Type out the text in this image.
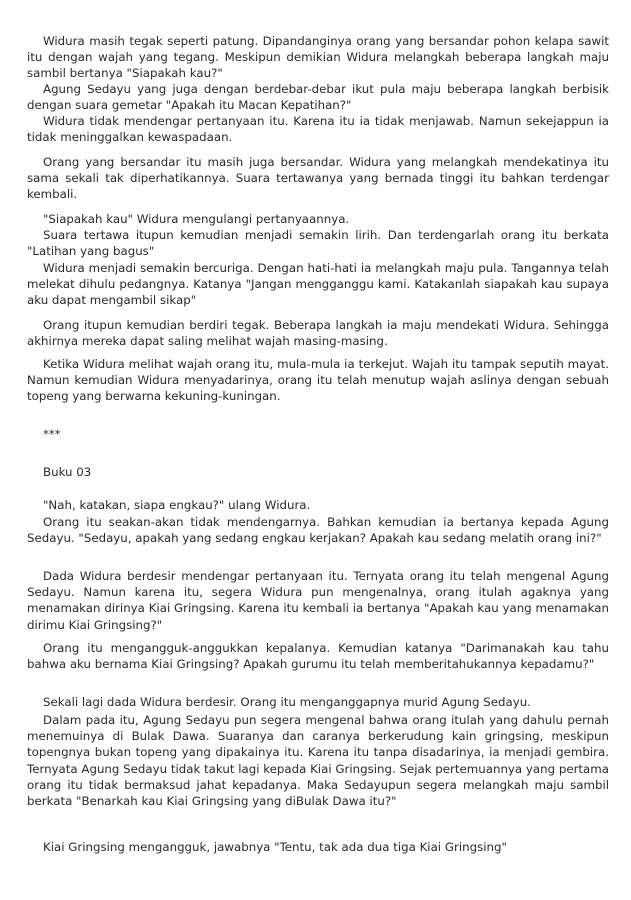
Widura masih tegak seperti patung. Dipandanginya orang yang bersandar pohon kelapa sawit itu dengan wajah yang tegang. Meskipun demikian Widura melangkah beberapa langkah maju sambil bertanya "Siapakah kau?"

Agung Sedayu yang juga dengan berdebar-debar ikut pula maju beberapa langkah berbisik dengan suara gemetar "Apakah itu Macan Kepatihan?"

Widura tidak mendengar pertanyaan itu. Karena itu ia tidak menjawab. Namun sekejappun ia tidak meninggalkan kewaspadaan.

Orang yang bersandar itu masih juga bersandar. Widura yang melangkah mendekatinya itu sama sekali tak diperhatikannya. Suara tertawanya yang bernada tinggi itu bahkan terdengar kembali.

"Siapakah kau" Widura mengulangi pertanyaannya.

Suara tertawa itupun kemudian menjadi semakin lirih. Dan terdengarlah orang itu berkata "Latihan yang bagus"

Widura menjadi semakin bercuriga. Dengan hati-hati ia melangkah maju pula. Tangannya telah melekat dihulu pedangnya. Katanya "Jangan mengganggu kami. Katakanlah siapakah kau supaya aku dapat mengambil sikap"

Orang itupun kemudian berdiri tegak. Beberapa langkah ia maju mendekati Widura. Sehingga akhirnya mereka dapat saling melihat wajah masing-masing.

Ketika Widura melihat wajah orang itu, mula-mula ia terkejut. Wajah itu tampak seputih mayat. Namun kemudian Widura menyadarinya, orang itu telah menutup wajah aslinya dengan sebuah topeng yang berwarna kekuning-kuningan.

***
Buku 03

"Nah, katakan, siapa engkau?" ulang Widura.

Orang itu seakan-akan tidak mendengarnya. Bahkan kemudian ia bertanya kepada Agung Sedayu. "Sedayu, apakah yang sedang engkau kerjakan? Apakah kau sedang melatih orang ini?"

Dada Widura berdesir mendengar pertanyaan itu. Ternyata orang itu telah mengenal Agung Sedayu. Namun karena itu, segera Widura pun mengenalnya, orang itulah agaknya yang menamakan dirinya Kiai Gringsing. Karena itu kembali ia bertanya "Apakah kau yang menamakan dirimu Kiai Gringsing?"

Orang itu mengangguk-anggukkan kepalanya. Kemudian katanya "Darimanakah kau tahu bahwa aku bernama Kiai Gringsing? Apakah gurumu itu telah memberitahukannya kepadamu?"

Sekali lagi dada Widura berdesir. Orang itu menganggapnya murid Agung Sedayu.

Dalam pada itu, Agung Sedayu pun segera mengenal bahwa orang itulah yang dahulu pernah menemuinya di Bulak Dawa. Suaranya dan caranya berkerudung kain gringsing, meskipun topengnya bukan topeng yang dipakainya itu. Karena itu tanpa disadarinya, ia menjadi gembira. Ternyata Agung Sedayu tidak takut lagi kepada Kiai Gringsing. Sejak pertemuannya yang pertama orang itu tidak bermaksud jahat kepadanya. Maka Sedayupun segera melangkah maju sambil berkata "Benarkah kau Kiai Gringsing yang diBulak Dawa itu?"

Kiai Gringsing mengangguk, jawabnya "Tentu, tak ada dua tiga Kiai Gringsing"
